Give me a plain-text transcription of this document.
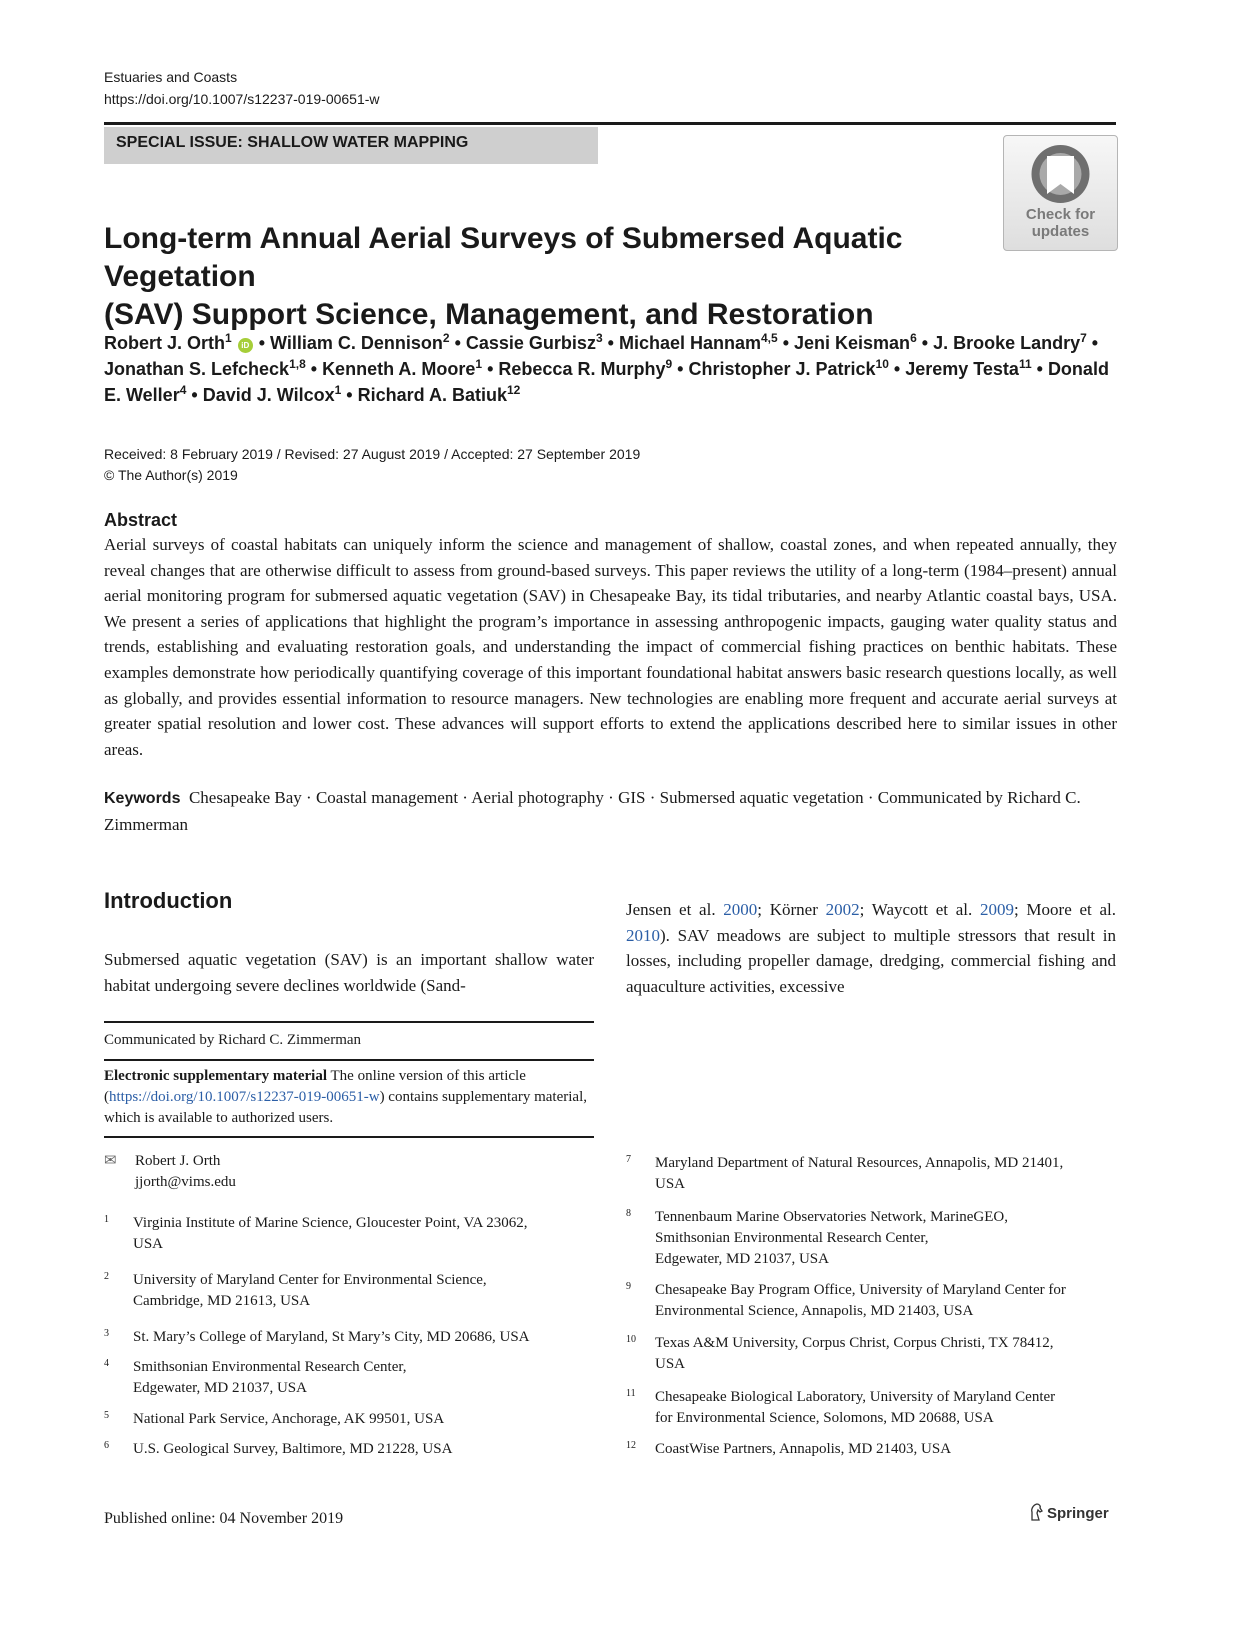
Estuaries and Coasts
https://doi.org/10.1007/s12237-019-00651-w
SPECIAL ISSUE: SHALLOW WATER MAPPING
Check for
updates
Long-term Annual Aerial Surveys of Submersed Aquatic Vegetation
(SAV) Support Science, Management, and Restoration
Robert J. Orth$^1$ iD • William C. Dennison$^2$ • Cassie Gurbisz$^3$ • Michael Hannam$^{4,5}$ • Jeni Keisman$^6$ • J. Brooke Landry$^7$ • Jonathan S. Lefcheck$^{1,8}$ • Kenneth A. Moore$^1$ • Rebecca R. Murphy$^9$ • Christopher J. Patrick$^{10}$ • Jeremy Testa$^{11}$ • Donald E. Weller$^4$ • David J. Wilcox$^1$ • Richard A. Batiuk$^{12}$
Received: 8 February 2019 / Revised: 27 August 2019 / Accepted: 27 September 2019
© The Author(s) 2019
Abstract
Aerial surveys of coastal habitats can uniquely inform the science and management of shallow, coastal zones, and when repeated annually, they reveal changes that are otherwise difficult to assess from ground-based surveys. This paper reviews the utility of a long-term (1984–present) annual aerial monitoring program for submersed aquatic vegetation (SAV) in Chesapeake Bay, its tidal tributaries, and nearby Atlantic coastal bays, USA. We present a series of applications that highlight the program’s importance in assessing anthropogenic impacts, gauging water quality status and trends, establishing and evaluating restoration goals, and understanding the impact of commercial fishing practices on benthic habitats. These examples demonstrate how periodically quantifying coverage of this important foundational habitat answers basic research questions locally, as well as globally, and provides essential information to resource managers. New technologies are enabling more frequent and accurate aerial surveys at greater spatial resolution and lower cost. These advances will support efforts to extend the applications described here to similar issues in other areas.
Keywords Chesapeake Bay · Coastal management · Aerial photography · GIS · Submersed aquatic vegetation · Communicated by Richard C. Zimmerman
Introduction
Submersed aquatic vegetation (SAV) is an important shallow water habitat undergoing severe declines worldwide (Sand-
Jensen et al. 2000; Körner 2002; Waycott et al. 2009; Moore et al. 2010). SAV meadows are subject to multiple stressors that result in losses, including propeller damage, dredging, commercial fishing and aquaculture activities, excessive
Communicated by Richard C. Zimmerman
Electronic supplementary material The online version of this article (https://doi.org/10.1007/s12237-019-00651-w) contains supplementary material, which is available to authorized users.
✉	Robert J. Orth
jjorth@vims.edu
1 Virginia Institute of Marine Science, Gloucester Point, VA 23062,
USA
2 University of Maryland Center for Environmental Science,
Cambridge, MD 21613, USA
3 St. Mary’s College of Maryland, St Mary’s City, MD 20686, USA
4 Smithsonian Environmental Research Center,
Edgewater, MD 21037, USA
5 National Park Service, Anchorage, AK 99501, USA
6 U.S. Geological Survey, Baltimore, MD 21228, USA
7 Maryland Department of Natural Resources, Annapolis, MD 21401,
USA
8 Tennenbaum Marine Observatories Network, MarineGEO,
Smithsonian Environmental Research Center,
Edgewater, MD 21037, USA
9 Chesapeake Bay Program Office, University of Maryland Center for
Environmental Science, Annapolis, MD 21403, USA
10 Texas A&M University, Corpus Christ, Corpus Christi, TX 78412,
USA
11 Chesapeake Biological Laboratory, University of Maryland Center
for Environmental Science, Solomons, MD 20688, USA
12 CoastWise Partners, Annapolis, MD 21403, USA
Published online: 04 November 2019	Springer
